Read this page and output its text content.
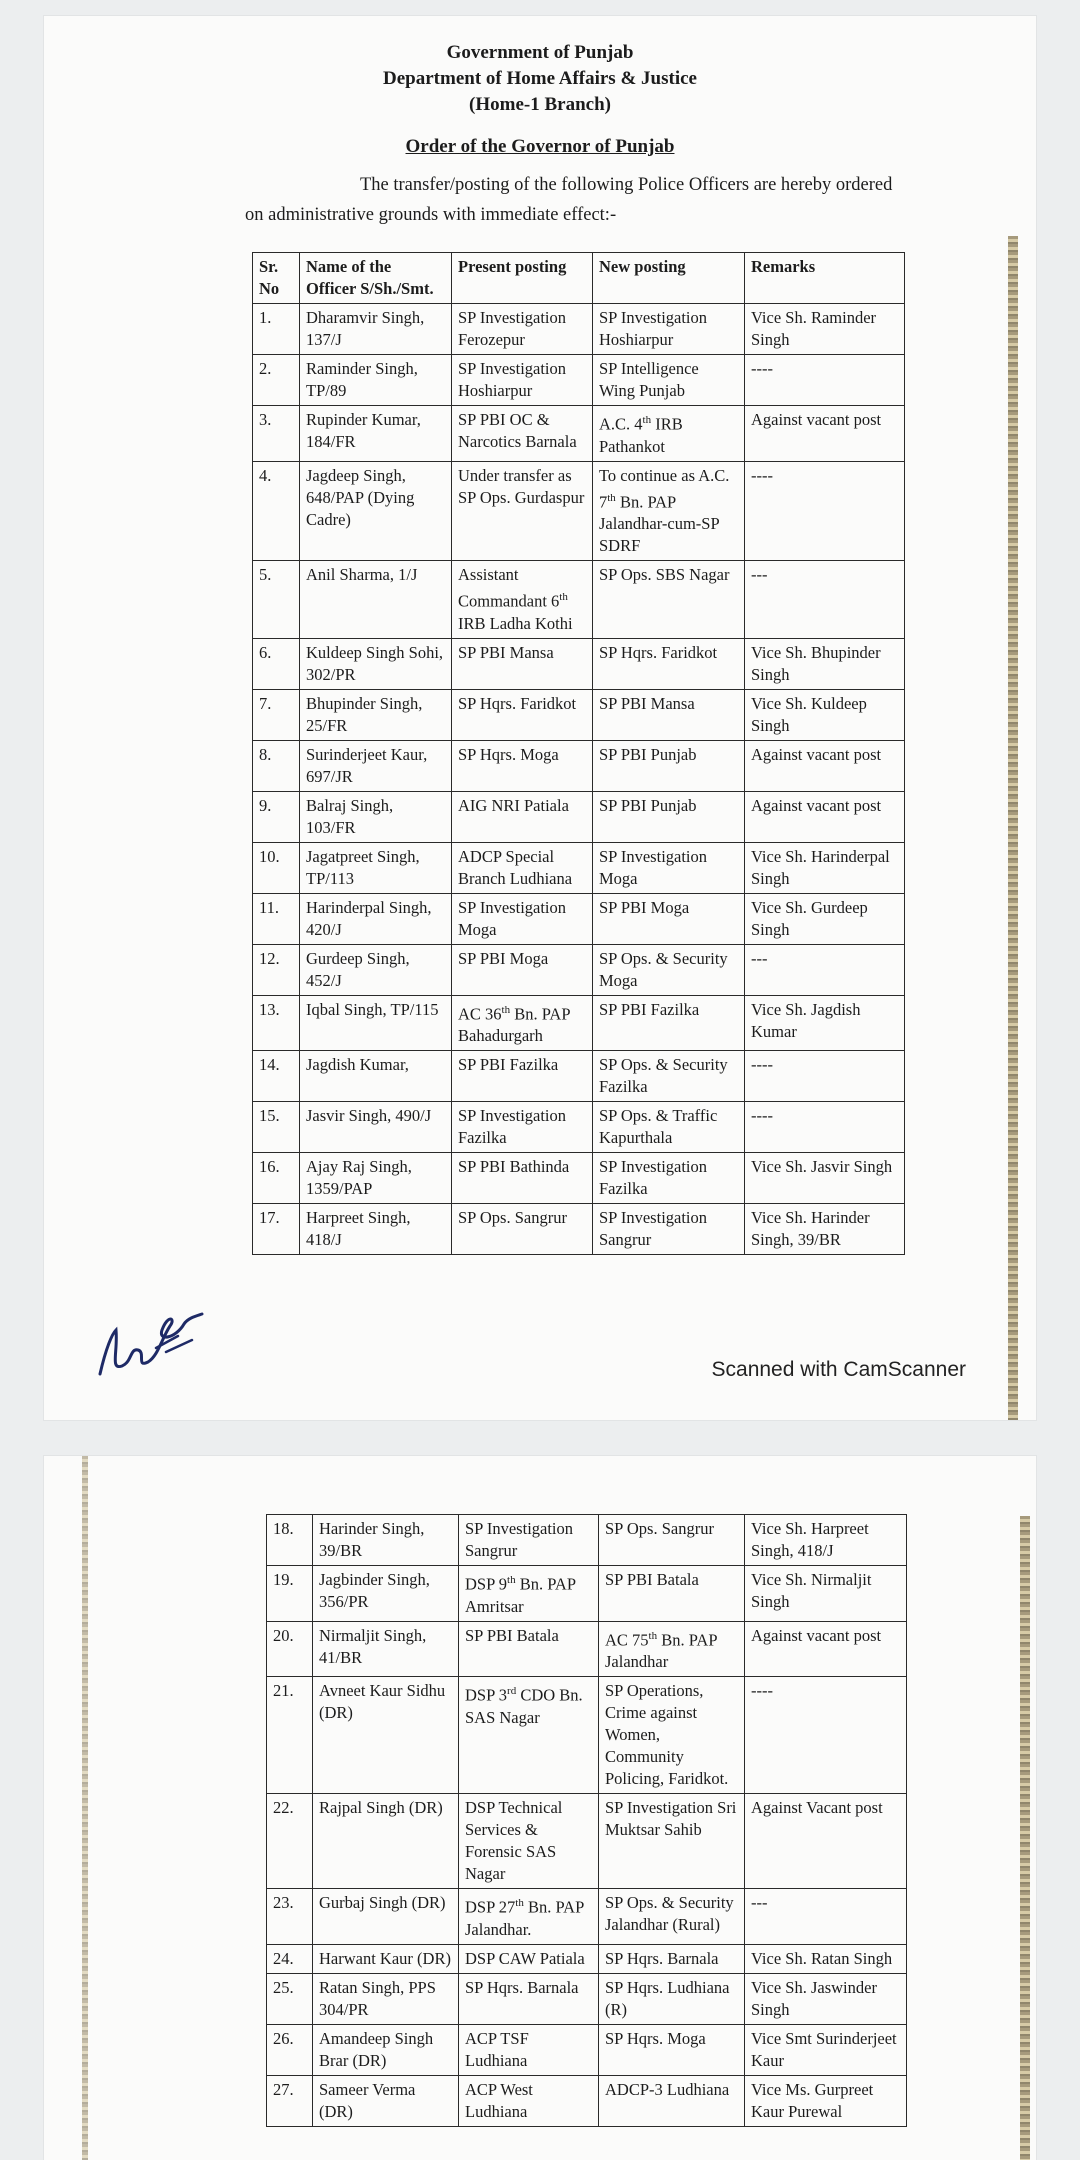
Government of Punjab
Department of Home Affairs & Justice
(Home-1 Branch)
Order of the Governor of Punjab
The transfer/posting of the following Police Officers are hereby ordered
on administrative grounds with immediate effect:-
Sr. No	Name of the Officer S/Sh./Smt.	Present posting	New posting	Remarks
1.	Dharamvir Singh, 137/J	SP Investigation Ferozepur	SP Investigation Hoshiarpur	Vice Sh. Raminder Singh
2.	Raminder Singh, TP/89	SP Investigation Hoshiarpur	SP Intelligence Wing Punjab	----
3.	Rupinder Kumar, 184/FR	SP PBI OC & Narcotics Barnala	A.C. 4th IRB Pathankot	Against vacant post
4.	Jagdeep Singh, 648/PAP (Dying Cadre)	Under transfer as SP Ops. Gurdaspur	To continue as A.C. 7th Bn. PAP Jalandhar-cum-SP SDRF	----
5.	Anil Sharma, 1/J	Assistant Commandant 6th IRB Ladha Kothi	SP Ops. SBS Nagar	---
6.	Kuldeep Singh Sohi, 302/PR	SP PBI Mansa	SP Hqrs. Faridkot	Vice Sh. Bhupinder Singh
7.	Bhupinder Singh, 25/FR	SP Hqrs. Faridkot	SP PBI Mansa	Vice Sh. Kuldeep Singh
8.	Surinderjeet Kaur, 697/JR	SP Hqrs. Moga	SP PBI Punjab	Against vacant post
9.	Balraj Singh, 103/FR	AIG NRI Patiala	SP PBI Punjab	Against vacant post
10.	Jagatpreet Singh, TP/113	ADCP Special Branch Ludhiana	SP Investigation Moga	Vice Sh. Harinderpal Singh
11.	Harinderpal Singh, 420/J	SP Investigation Moga	SP PBI Moga	Vice Sh. Gurdeep Singh
12.	Gurdeep Singh, 452/J	SP PBI Moga	SP Ops. & Security Moga	---
13.	Iqbal Singh, TP/115	AC 36th Bn. PAP Bahadurgarh	SP PBI Fazilka	Vice Sh. Jagdish Kumar
14.	Jagdish Kumar,	SP PBI Fazilka	SP Ops. & Security Fazilka	----
15.	Jasvir Singh, 490/J	SP Investigation Fazilka	SP Ops. & Traffic Kapurthala	----
16.	Ajay Raj Singh, 1359/PAP	SP PBI Bathinda	SP Investigation Fazilka	Vice Sh. Jasvir Singh
17.	Harpreet Singh, 418/J	SP Ops. Sangrur	SP Investigation Sangrur	Vice Sh. Harinder Singh, 39/BR
Scanned with CamScanner
18.	Harinder Singh, 39/BR	SP Investigation Sangrur	SP Ops. Sangrur	Vice Sh. Harpreet Singh, 418/J
19.	Jagbinder Singh, 356/PR	DSP 9th Bn. PAP Amritsar	SP PBI Batala	Vice Sh. Nirmaljit Singh
20.	Nirmaljit Singh, 41/BR	SP PBI Batala	AC 75th Bn. PAP Jalandhar	Against vacant post
21.	Avneet Kaur Sidhu (DR)	DSP 3rd CDO Bn. SAS Nagar	SP Operations, Crime against Women, Community Policing, Faridkot.	----
22.	Rajpal Singh (DR)	DSP Technical Services & Forensic SAS Nagar	SP Investigation Sri Muktsar Sahib	Against Vacant post
23.	Gurbaj Singh (DR)	DSP 27th Bn. PAP Jalandhar.	SP Ops. & Security Jalandhar (Rural)	---
24.	Harwant Kaur (DR)	DSP CAW Patiala	SP Hqrs. Barnala	Vice Sh. Ratan Singh
25.	Ratan Singh, PPS 304/PR	SP Hqrs. Barnala	SP Hqrs. Ludhiana (R)	Vice Sh. Jaswinder Singh
26.	Amandeep Singh Brar (DR)	ACP TSF Ludhiana	SP Hqrs. Moga	Vice Smt Surinderjeet Kaur
27.	Sameer Verma (DR)	ACP West Ludhiana	ADCP-3 Ludhiana	Vice Ms. Gurpreet Kaur Purewal
